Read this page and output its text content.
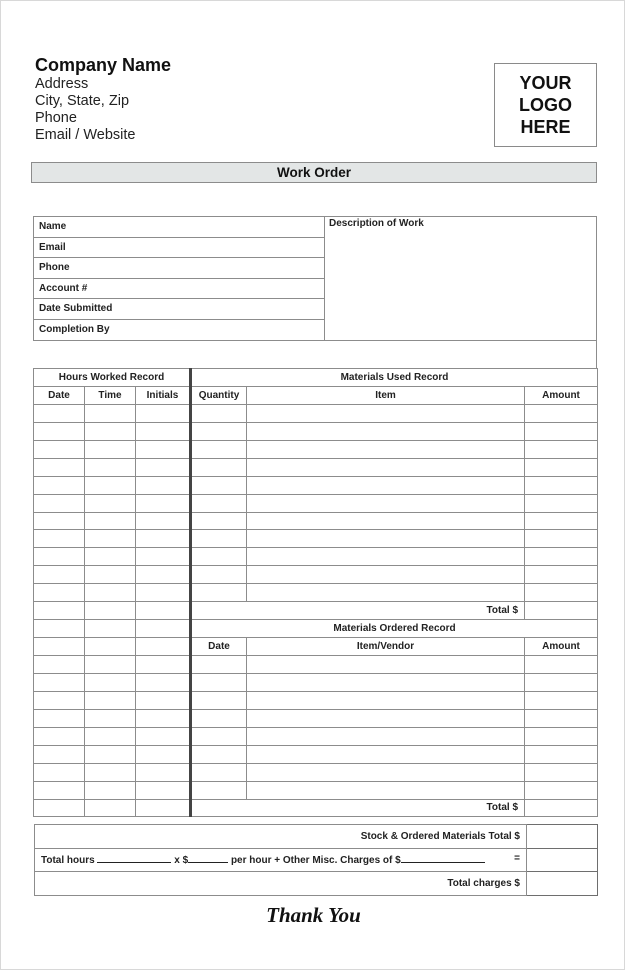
Company Name
Address
City, State, Zip
Phone
Email / Website
YOUR
LOGO
HERE
Work Order
Name
Email
Phone
Account #
Date Submitted
Completion By
Description of Work
Hours Worked Record			Materials Used Record		
Date	Time	Initials	Quantity	Item	Amount

			Total $		
			Materials Ordered Record		
			Date	Item/Vendor	Amount

			Total $		
Stock & Ordered Materials Total $	
Total hours x $ per hour + Other Misc. Charges of $ =	

Total charges $	
Thank You
